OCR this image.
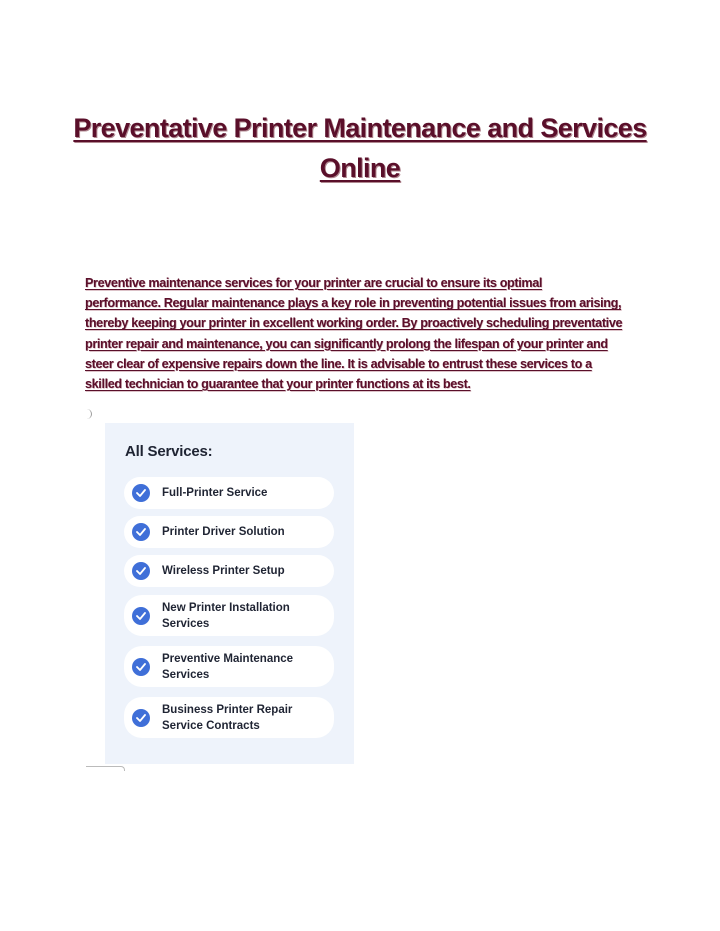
Preventative Printer Maintenance and Services
Online
Preventive maintenance services for your printer are crucial to ensure its optimal
performance. Regular maintenance plays a key role in preventing potential issues from arising,
thereby keeping your printer in excellent working order. By proactively scheduling preventative
printer repair and maintenance, you can significantly prolong the lifespan of your printer and
steer clear of expensive repairs down the line. It is advisable to entrust these services to a
skilled technician to guarantee that your printer functions at its best.
All Services:
Full-Printer Service
Printer Driver Solution
Wireless Printer Setup
New Printer Installation
Services
Preventive Maintenance
Services
Business Printer Repair
Service Contracts
